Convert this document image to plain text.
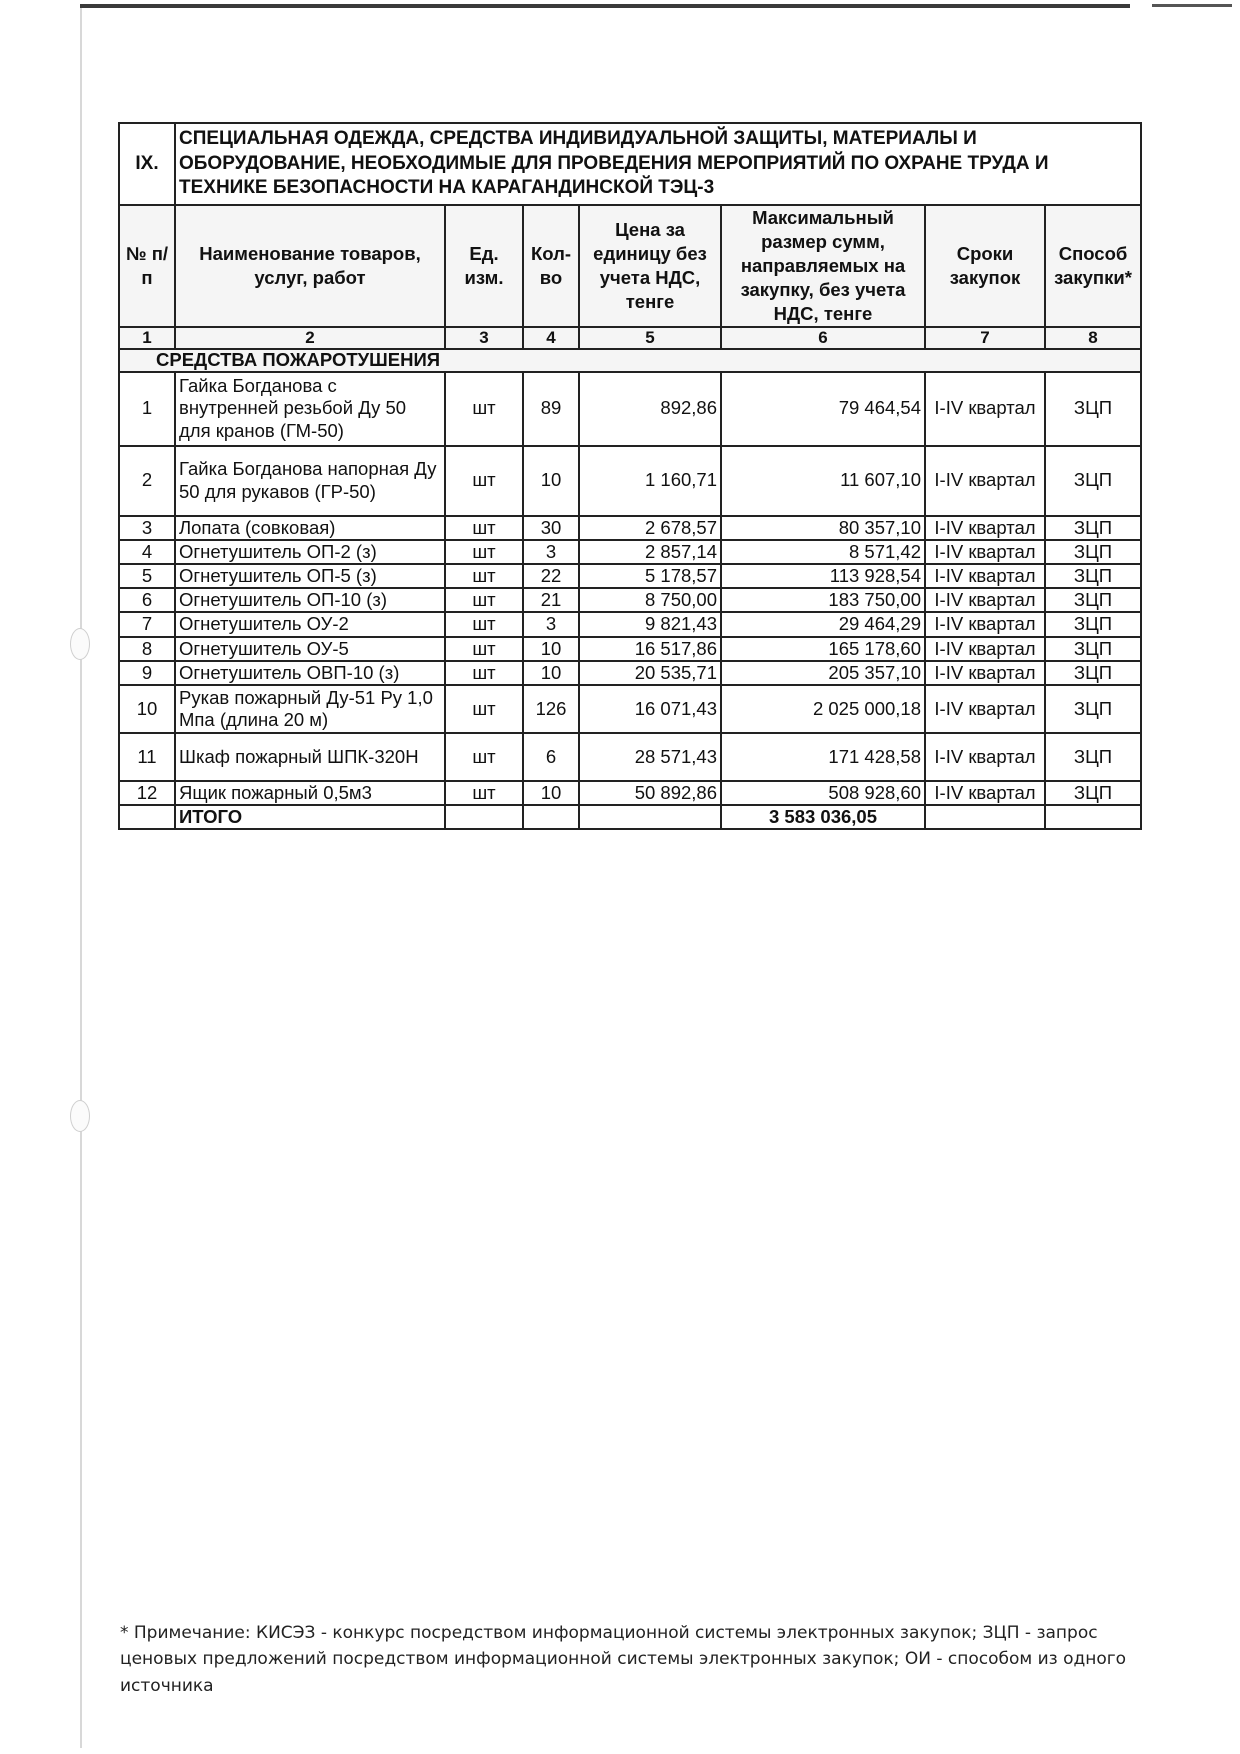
IX.	СПЕЦИАЛЬНАЯ ОДЕЖДА, СРЕДСТВА ИНДИВИДУАЛЬНОЙ ЗАЩИТЫ, МАТЕРИАЛЫ И ОБОРУДОВАНИЕ, НЕОБХОДИМЫЕ ДЛЯ ПРОВЕДЕНИЯ МЕРОПРИЯТИЙ ПО ОХРАНЕ ТРУДА И ТЕХНИКЕ БЕЗОПАСНОСТИ НА КАРАГАНДИНСКОЙ ТЭЦ-3						
№ п/п	Наименование товаров, услуг, работ	Ед. изм.	Кол-во	Цена за единицу без учета НДС, тенге	Максимальный размер сумм, направляемых на закупку, без учета НДС, тенге	Сроки закупок	Способ закупки*
1	2	3	4	5	6	7	8
СРЕДСТВА ПОЖАРОТУШЕНИЯ							
1	Гайка Богданова с внутренней резьбой Ду 50 для кранов (ГМ-50)	шт	89	892,86	79 464,54	I-IV квартал	ЗЦП
2	Гайка Богданова напорная Ду 50 для рукавов (ГР-50)	шт	10	1 160,71	11 607,10	I-IV квартал	ЗЦП
3	Лопата (совковая)	шт	30	2 678,57	80 357,10	I-IV квартал	ЗЦП
4	Огнетушитель ОП-2 (з)	шт	3	2 857,14	8 571,42	I-IV квартал	ЗЦП
5	Огнетушитель ОП-5 (з)	шт	22	5 178,57	113 928,54	I-IV квартал	ЗЦП
6	Огнетушитель ОП-10 (з)	шт	21	8 750,00	183 750,00	I-IV квартал	ЗЦП
7	Огнетушитель ОУ-2	шт	3	9 821,43	29 464,29	I-IV квартал	ЗЦП
8	Огнетушитель ОУ-5	шт	10	16 517,86	165 178,60	I-IV квартал	ЗЦП
9	Огнетушитель ОВП-10 (з)	шт	10	20 535,71	205 357,10	I-IV квартал	ЗЦП
10	Рукав пожарный Ду-51 Ру 1,0 Мпа (длина 20 м)	шт	126	16 071,43	2 025 000,18	I-IV квартал	ЗЦП
11	Шкаф пожарный ШПК-320Н	шт	6	28 571,43	171 428,58	I-IV квартал	ЗЦП
12	Ящик пожарный 0,5м3	шт	10	50 892,86	508 928,60	I-IV квартал	ЗЦП
	ИТОГО				3 583 036,05		
* Примечание: КИСЭЗ - конкурс посредством информационной системы электронных закупок; ЗЦП - запрос ценовых предложений посредством информационной системы электронных закупок; ОИ - способом из одного источника
